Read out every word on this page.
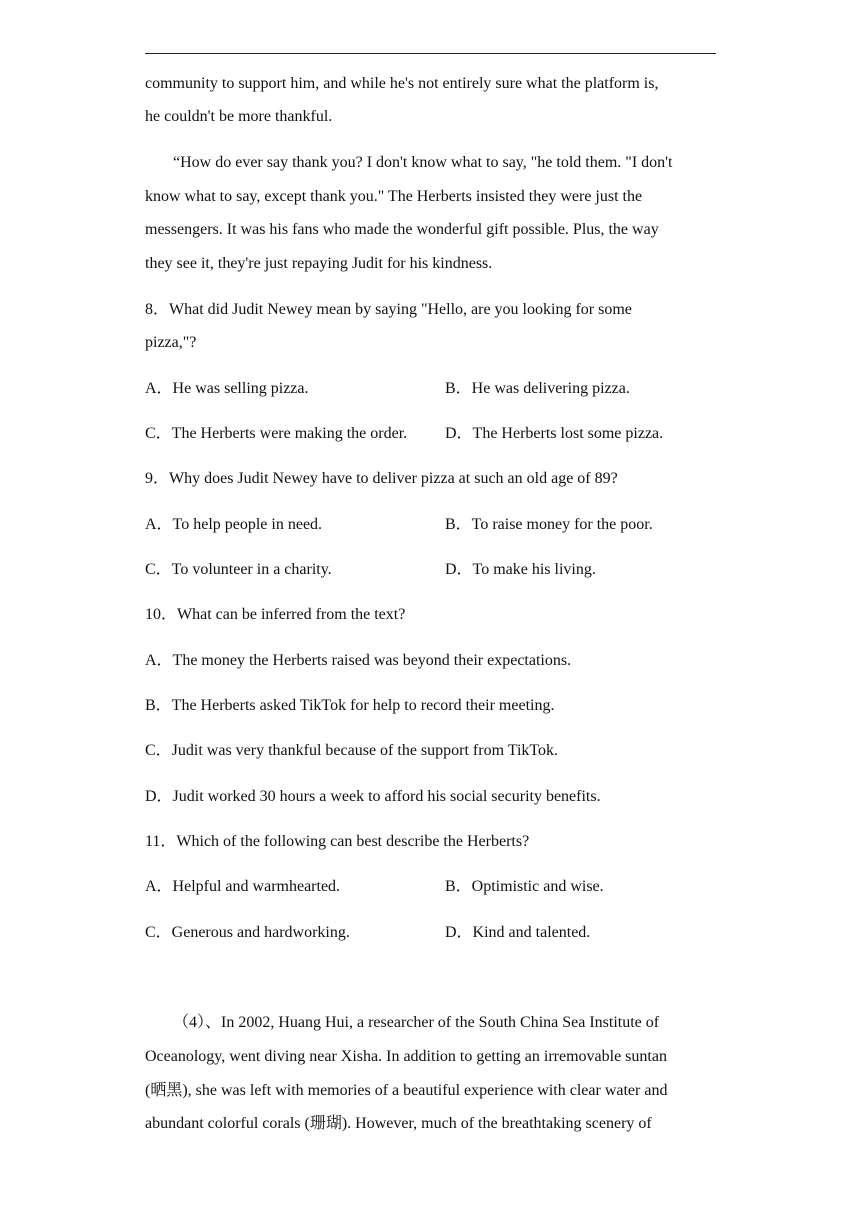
community to support him, and while he's not entirely sure what the platform is,
he couldn't be more thankful.
“How do ever say thank you? I don't know what to say, "he told them. "I don't
know what to say, except thank you." The Herberts insisted they were just the
messengers. It was his fans who made the wonderful gift possible. Plus, the way
they see it, they're just repaying Judit for his kindness.
8．What did Judit Newey mean by saying "Hello, are you looking for some
pizza,"?
A．He was selling pizza.	B．He was delivering pizza.
C．The Herberts were making the order. D．The Herberts lost some pizza.
9．Why does Judit Newey have to deliver pizza at such an old age of 89?
A．To help people in need.	B．To raise money for the poor.
C．To volunteer in a charity.	D．To make his living.
10．What can be inferred from the text?
A．The money the Herberts raised was beyond their expectations.
B．The Herberts asked TikTok for help to record their meeting.
C．Judit was very thankful because of the support from TikTok.
D．Judit worked 30 hours a week to afford his social security benefits.
11．Which of the following can best describe the Herberts?
A．Helpful and warmhearted.	B．Optimistic and wise.
C．Generous and hardworking.	D．Kind and talented.
（4）、In 2002, Huang Hui, a researcher of the South China Sea Institute of
Oceanology, went diving near Xisha. In addition to getting an irremovable suntan
(晒黑), she was left with memories of a beautiful experience with clear water and
abundant colorful corals (珊瑚). However, much of the breathtaking scenery of
